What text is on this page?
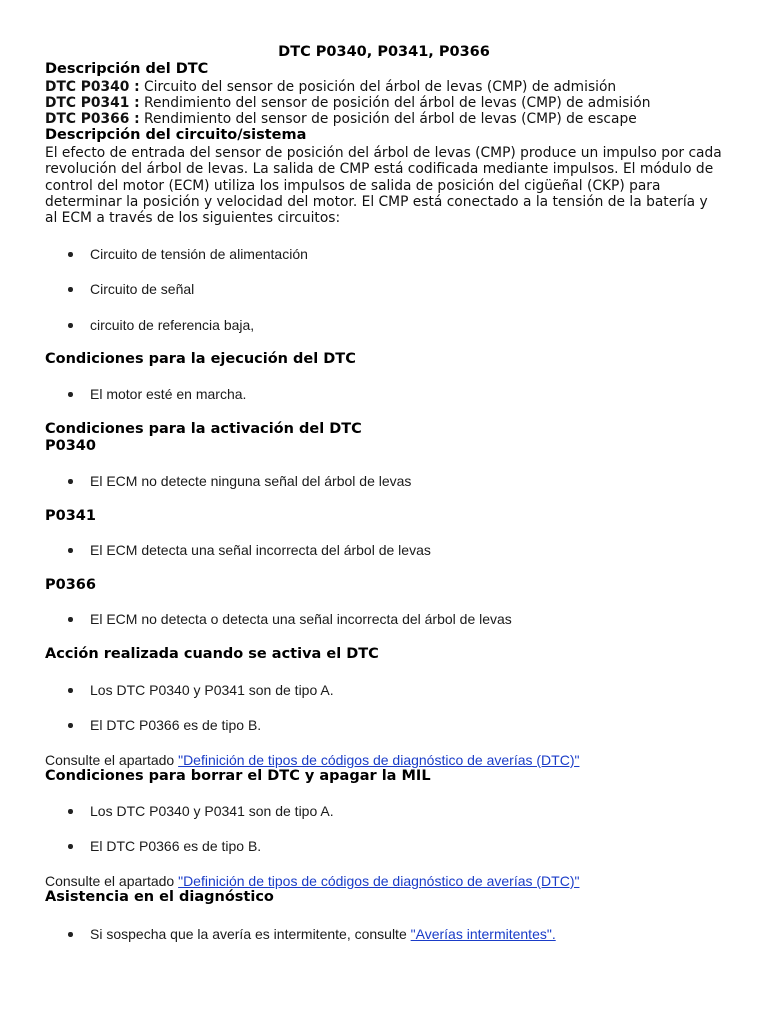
DTC P0340, P0341, P0366
Descripción del DTC
DTC P0340 : Circuito del sensor de posición del árbol de levas (CMP) de admisión
DTC P0341 : Rendimiento del sensor de posición del árbol de levas (CMP) de admisión
DTC P0366 : Rendimiento del sensor de posición del árbol de levas (CMP) de escape
Descripción del circuito/sistema
El efecto de entrada del sensor de posición del árbol de levas (CMP) produce un impulso por cada
revolución del árbol de levas. La salida de CMP está codificada mediante impulsos. El módulo de
control del motor (ECM) utiliza los impulsos de salida de posición del cigüeñal (CKP) para
determinar la posición y velocidad del motor. El CMP está conectado a la tensión de la batería y
al ECM a través de los siguientes circuitos:
Circuito de tensión de alimentación
Circuito de señal
circuito de referencia baja,
Condiciones para la ejecución del DTC
El motor esté en marcha.
Condiciones para la activación del DTC
P0340
El ECM no detecte ninguna señal del árbol de levas
P0341
El ECM detecta una señal incorrecta del árbol de levas
P0366
El ECM no detecta o detecta una señal incorrecta del árbol de levas
Acción realizada cuando se activa el DTC
Los DTC P0340 y P0341 son de tipo A.
El DTC P0366 es de tipo B.
Consulte el apartado "Definición de tipos de códigos de diagnóstico de averías (DTC)"
Condiciones para borrar el DTC y apagar la MIL
Los DTC P0340 y P0341 son de tipo A.
El DTC P0366 es de tipo B.
Consulte el apartado "Definición de tipos de códigos de diagnóstico de averías (DTC)"
Asistencia en el diagnóstico
Si sospecha que la avería es intermitente, consulte "Averías intermitentes".
